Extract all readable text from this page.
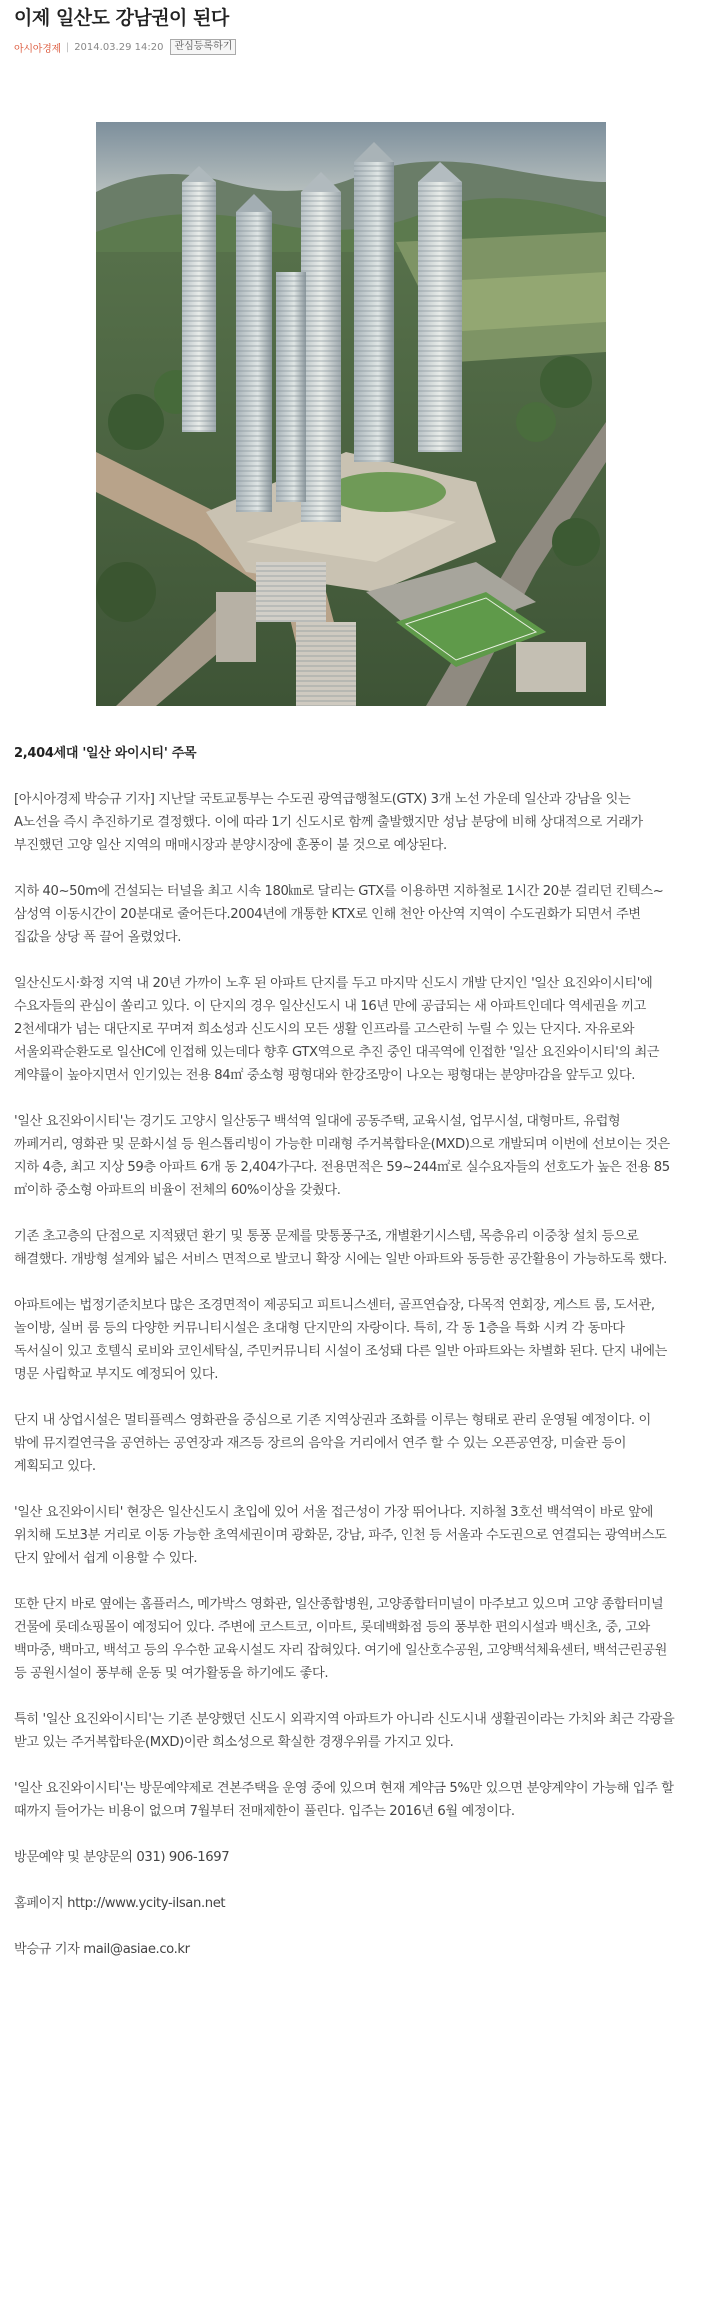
이제 일산도 강남권이 된다
아시아경제 | 2014.03.29 14:20	관심등록하기
2,404세대 '일산 와이시티' 주목

[아시아경제 박승규 기자] 지난달 국토교통부는 수도권 광역급행철도(GTX) 3개 노선 가운데 일산과 강남을 잇는 A노선을 즉시 추진하기로 결정했다. 이에 따라 1기 신도시로 함께 출발했지만 성남 분당에 비해 상대적으로 거래가 부진했던 고양 일산 지역의 매매시장과 분양시장에 훈풍이 불 것으로 예상된다.

지하 40~50m에 건설되는 터널을 최고 시속 180㎞로 달리는 GTX를 이용하면 지하철로 1시간 20분 걸리던 킨텍스~삼성역 이동시간이 20분대로 줄어든다.2004년에 개통한 KTX로 인해 천안 아산역 지역이 수도권화가 되면서 주변 집값을 상당 폭 끌어 올렸었다.

일산신도시·화정 지역 내 20년 가까이 노후 된 아파트 단지를 두고 마지막 신도시 개발 단지인 '일산 요진와이시티'에 수요자들의 관심이 쏠리고 있다. 이 단지의 경우 일산신도시 내 16년 만에 공급되는 새 아파트인데다 역세권을 끼고 2천세대가 넘는 대단지로 꾸며져 희소성과 신도시의 모든 생활 인프라를 고스란히 누릴 수 있는 단지다. 자유로와 서울외곽순환도로 일산IC에 인접해 있는데다 향후 GTX역으로 추진 중인 대곡역에 인접한 '일산 요진와이시티'의 최근 계약률이 높아지면서 인기있는 전용 84㎡ 중소형 평형대와 한강조망이 나오는 평형대는 분양마감을 앞두고 있다.

'일산 요진와이시티'는 경기도 고양시 일산동구 백석역 일대에 공동주택, 교육시설, 업무시설, 대형마트, 유럽형 까페거리, 영화관 및 문화시설 등 원스톱리빙이 가능한 미래형 주거복합타운(MXD)으로 개발되며 이번에 선보이는 것은 지하 4층, 최고 지상 59층 아파트 6개 동 2,404가구다. 전용면적은 59~244㎡로 실수요자들의 선호도가 높은 전용 85㎡이하 중소형 아파트의 비율이 전체의 60%이상을 갖췄다.

기존 초고층의 단점으로 지적됐던 환기 및 통풍 문제를 맞통풍구조, 개별환기시스템, 목층유리 이중창 설치 등으로 해결했다. 개방형 설계와 넓은 서비스 면적으로 발코니 확장 시에는 일반 아파트와 동등한 공간활용이 가능하도록 했다.

아파트에는 법정기준치보다 많은 조경면적이 제공되고 피트니스센터, 골프연습장, 다목적 연회장, 게스트 룸, 도서관, 놀이방, 실버 룸 등의 다양한 커뮤니티시설은 초대형 단지만의 자랑이다. 특히, 각 동 1층을 특화 시켜 각 동마다 독서실이 있고 호텔식 로비와 코인세탁실, 주민커뮤니티 시설이 조성돼 다른 일반 아파트와는 차별화 된다. 단지 내에는 명문 사립학교 부지도 예정되어 있다.

단지 내 상업시설은 멀티플렉스 영화관을 중심으로 기존 지역상권과 조화를 이루는 형태로 관리 운영될 예정이다. 이 밖에 뮤지컬연극을 공연하는 공연장과 재즈등 장르의 음악을 거리에서 연주 할 수 있는 오픈공연장, 미술관 등이 계획되고 있다.

'일산 요진와이시티' 현장은 일산신도시 초입에 있어 서울 접근성이 가장 뛰어나다. 지하철 3호선 백석역이 바로 앞에 위치해 도보3분 거리로 이동 가능한 초역세권이며 광화문, 강남, 파주, 인천 등 서울과 수도권으로 연결되는 광역버스도 단지 앞에서 쉽게 이용할 수 있다.

또한 단지 바로 옆에는 홈플러스, 메가박스 영화관, 일산종합병원, 고양종합터미널이 마주보고 있으며 고양 종합터미널 건물에 롯데쇼핑몰이 예정되어 있다. 주변에 코스트코, 이마트, 롯데백화점 등의 풍부한 편의시설과 백신초, 중, 고와 백마중, 백마고, 백석고 등의 우수한 교육시설도 자리 잡혀있다. 여기에 일산호수공원, 고양백석체육센터, 백석근린공원 등 공원시설이 풍부해 운동 및 여가활동을 하기에도 좋다.

특히 '일산 요진와이시티'는 기존 분양했던 신도시 외곽지역 아파트가 아니라 신도시내 생활권이라는 가치와 최근 각광을 받고 있는 주거복합타운(MXD)이란 희소성으로 확실한 경쟁우위를 가지고 있다.

'일산 요진와이시티'는 방문예약제로 견본주택을 운영 중에 있으며 현재 계약금 5%만 있으면 분양계약이 가능해 입주 할 때까지 들어가는 비용이 없으며 7월부터 전매제한이 풀린다. 입주는 2016년 6월 예정이다.

방문예약 및 분양문의 031) 906-1697

홈페이지 http://www.ycity-ilsan.net

박승규 기자 mail@asiae.co.kr
